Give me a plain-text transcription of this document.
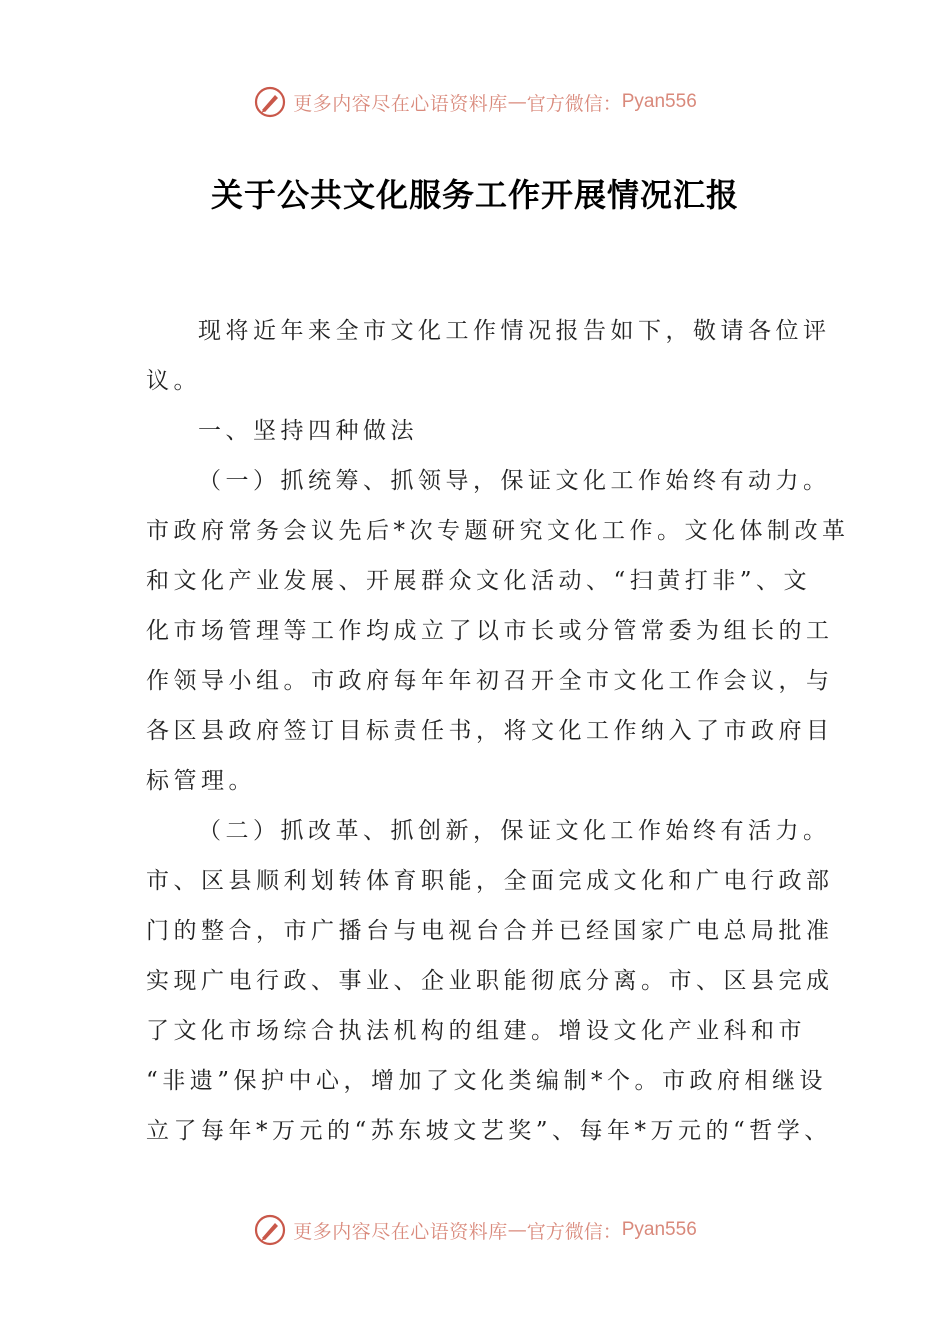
更多内容尽在心语资料库 — 官方微信： Pyan556
关于公共文化服务工作开展情况汇报

现将近年来全市文化工作情况报告如下，敬请各位评
议。

一、坚持四种做法

（一）抓统筹、抓领导，保证文化工作始终有动力。
市政府常务会议先后*次专题研究文化工作。文化体制改革
和文化产业发展、开展群众文化活动、“扫黄打非”、文
化市场管理等工作均成立了以市长或分管常委为组长的工
作领导小组。市政府每年年初召开全市文化工作会议，与
各区县政府签订目标责任书，将文化工作纳入了市政府目
标管理。

（二）抓改革、抓创新，保证文化工作始终有活力。
市、区县顺利划转体育职能，全面完成文化和广电行政部
门的整合，市广播台与电视台合并已经国家广电总局批准
实现广电行政、事业、企业职能彻底分离。市、区县完成
了文化市场综合执法机构的组建。增设文化产业科和市
“非遗”保护中心，增加了文化类编制*个。市政府相继设
立了每年*万元的“苏东坡文艺奖”、每年*万元的“哲学、

更多内容尽在心语资料库 — 官方微信： Pyan556
